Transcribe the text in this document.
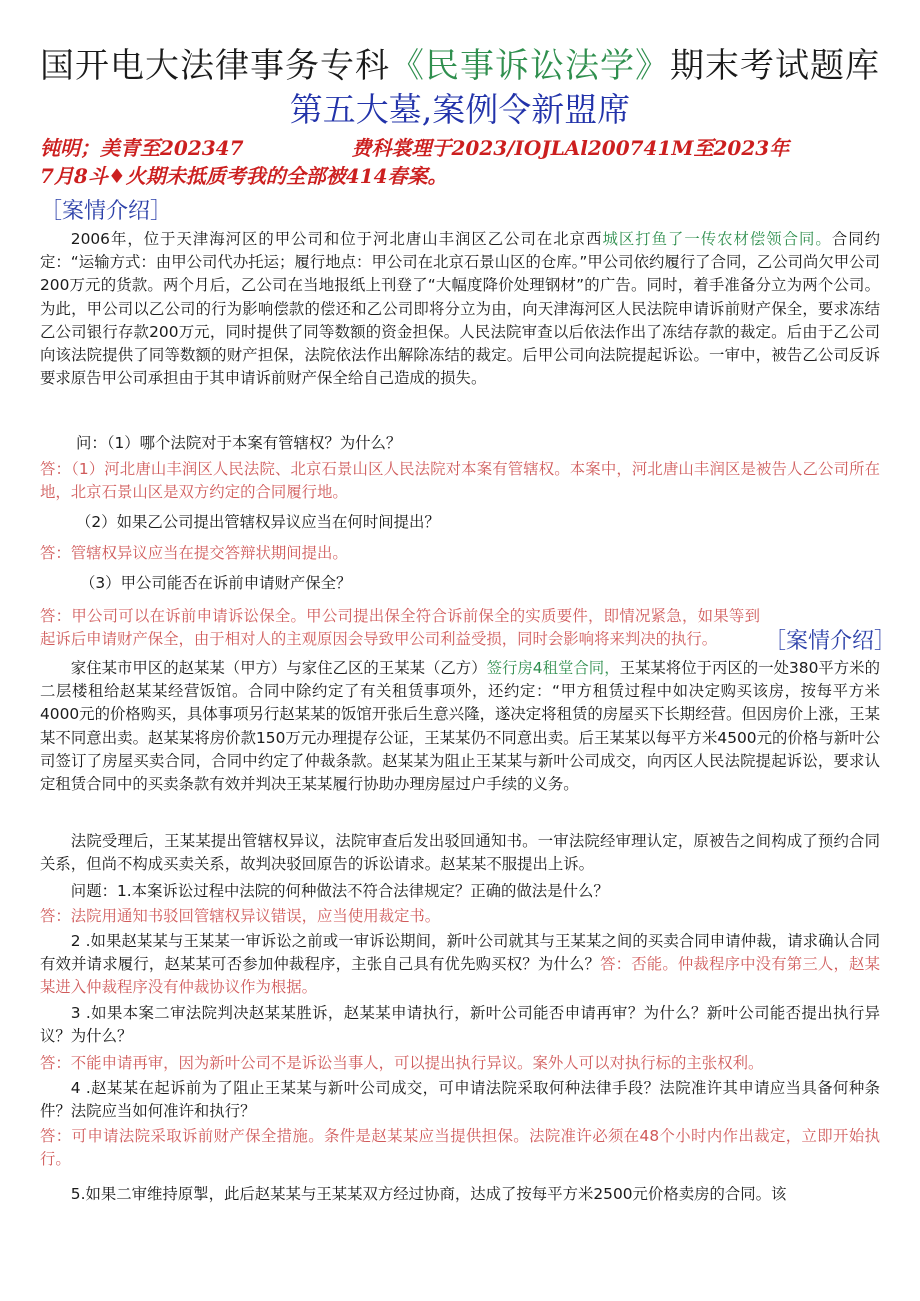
国开电大法律事务专科《民事诉讼法学》期末考试题库
第五大墓,案例令新盟席
钝明；美青至202347	费科裳理于2023/IOJLAl200741M至2023年
7月8斗♦火期未抵质考我的全部被414春案。
［案情介绍］
2006年，位于天津海河区的甲公司和位于河北唐山丰润区乙公司在北京西城区打鱼了一传农材偿领合同。合同约定：“运输方式：由甲公司代办托运；履行地点：甲公司在北京石景山区的仓库。”甲公司依约履行了合同，乙公司尚欠甲公司200万元的货款。两个月后，乙公司在当地报纸上刊登了“大幅度降价处理钢材”的广告。同时，着手准备分立为两个公司。为此，甲公司以乙公司的行为影响偿款的偿还和乙公司即将分立为由，向天津海河区人民法院申请诉前财产保全，要求冻结乙公司银行存款200万元，同时提供了同等数额的资金担保。人民法院审查以后依法作出了冻结存款的裁定。后由于乙公司向该法院提供了同等数额的财产担保，法院依法作出解除冻结的裁定。后甲公司向法院提起诉讼。一审中，被告乙公司反诉要求原告甲公司承担由于其申请诉前财产保全给自己造成的损失。
问：（1）哪个法院对于本案有管辖权？为什么？
答：（1）河北唐山丰润区人民法院、北京石景山区人民法院对本案有管辖权。本案中，河北唐山丰润区是被告人乙公司所在地，北京石景山区是双方约定的合同履行地。
（2）如果乙公司提出管辖权异议应当在何时间提出？
答：管辖权异议应当在提交答辩状期间提出。
（3）甲公司能否在诉前申请财产保全？
答：甲公司可以在诉前申请诉讼保全。甲公司提出保全符合诉前保全的实质要件，即情况紧急，如果等到起诉后申请财产保全，由于相对人的主观原因会导致甲公司利益受损，同时会影响将来判决的执行。	［案情介绍］
家住某市甲区的赵某某（甲方）与家住乙区的王某某（乙方）签行房4租堂合同，王某某将位于丙区的一处380平方米的二层楼租给赵某某经营饭馆。合同中除约定了有关租赁事项外，还约定：“甲方租赁过程中如决定购买该房，按每平方米4000元的价格购买，具体事项另行赵某某的饭馆开张后生意兴隆，遂决定将租赁的房屋买下长期经营。但因房价上涨，王某某不同意出卖。赵某某将房价款150万元办理提存公证，王某某仍不同意出卖。后王某某以每平方米4500元的价格与新叶公司签订了房屋买卖合同，合同中约定了仲裁条款。赵某某为阻止王某某与新叶公司成交，向丙区人民法院提起诉讼，要求认定租赁合同中的买卖条款有效并判决王某某履行协助办理房屋过户手续的义务。
法院受理后，王某某提出管辖权异议，法院审查后发出驳回通知书。一审法院经审理认定，原被告之间构成了预约合同关系，但尚不构成买卖关系，故判决驳回原告的诉讼请求。赵某某不服提出上诉。
问题：1.本案诉讼过程中法院的何种做法不符合法律规定？正确的做法是什么？
答：法院用通知书驳回管辖权异议错误，应当使用裁定书。
2 .如果赵某某与王某某一审诉讼之前或一审诉讼期间，新叶公司就其与王某某之间的买卖合同申请仲裁，请求确认合同有效并请求履行，赵某某可否参加仲裁程序，主张自己具有优先购买权？为什么？答：否能。仲裁程序中没有第三人，赵某某进入仲裁程序没有仲裁协议作为根据。
3 .如果本案二审法院判决赵某某胜诉，赵某某申请执行，新叶公司能否申请再审？为什么？新叶公司能否提出执行异议？为什么？
答：不能申请再审，因为新叶公司不是诉讼当事人，可以提出执行异议。案外人可以对执行标的主张权利。
4 .赵某某在起诉前为了阻止王某某与新叶公司成交，可申请法院采取何种法律手段？法院准许其申请应当具备何种条件？法院应当如何准许和执行？
答：可申请法院采取诉前财产保全措施。条件是赵某某应当提供担保。法院准许必须在48个小时内作出裁定，立即开始执行。
5.如果二审维持原掣，此后赵某某与王某某双方经过协商，达成了按每平方米2500元价格卖房的合同。该
